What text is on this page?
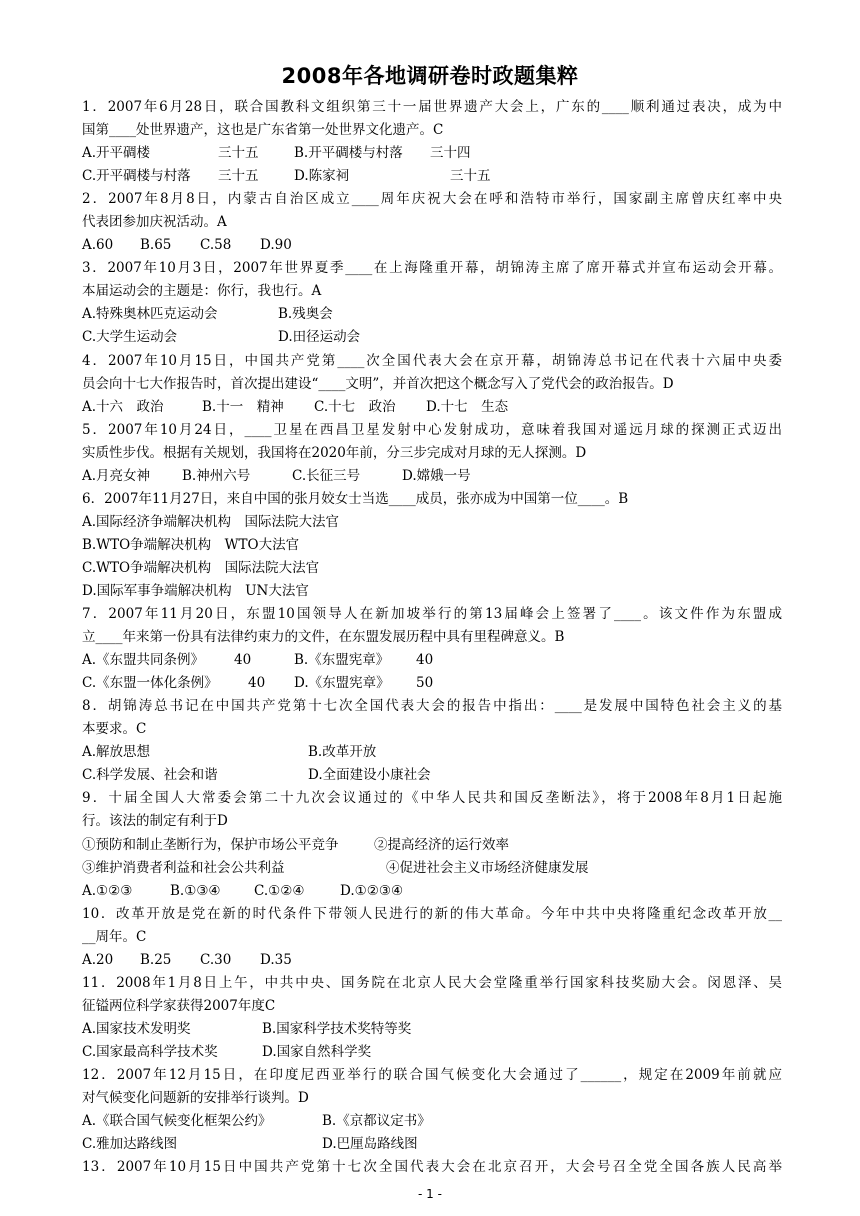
2008年各地调研卷时政题集粹
1．2007年6月28日，联合国教科文组织第三十一届世界遗产大会上，广东的____顺利通过表决，成为中
国第____处世界遗产，这也是广东省第一处世界文化遗产。C
A.开平碉楼	三十五	B.开平碉楼与村落 三十四
C.开平碉楼与村落 三十五	D.陈家祠	三十五
2．2007年8月8日，内蒙古自治区成立____周年庆祝大会在呼和浩特市举行，国家副主席曾庆红率中央
代表团参加庆祝活动。A
A.60 B.65 C.58 D.90
3．2007年10月3日，2007年世界夏季____在上海隆重开幕，胡锦涛主席了席开幕式并宣布运动会开幕。
本届运动会的主题是：你行，我也行。A
A.特殊奥林匹克运动会	B.残奥会
C.大学生运动会	D.田径运动会
4．2007年10月15日，中国共产党第____次全国代表大会在京开幕，胡锦涛总书记在代表十六届中央委
员会向十七大作报告时，首次提出建设“____文明”，并首次把这个概念写入了党代会的政治报告。D
A.十六　政治	B.十一　精神 C.十七　政治 D.十七　生态
5．2007年10月24日，____卫星在西昌卫星发射中心发射成功，意味着我国对遥远月球的探测正式迈出
实质性步伐。根据有关规划，我国将在2020年前，分三步完成对月球的无人探测。D
A.月亮女神 B.神州六号	C.长征三号	D.嫦娥一号
6．2007年11月27日，来自中国的张月姣女士当选____成员，张亦成为中国第一位____。B
A.国际经济争端解决机构　国际法院大法官
B.WTO争端解决机构　WTO大法官
C.WTO争端解决机构　国际法院大法官
D.国际军事争端解决机构　UN大法官
7．2007年11月20日，东盟10国领导人在新加坡举行的第13届峰会上签署了____。该文件作为东盟成
立____年来第一份具有法律约束力的文件，在东盟发展历程中具有里程碑意义。B
A.《东盟共同条例》 40	B.《东盟宪章》 40
C.《东盟一体化条例》 40 D.《东盟宪章》 50
8．胡锦涛总书记在中国共产党第十七次全国代表大会的报告中指出：____是发展中国特色社会主义的基
本要求。C
A.解放思想	B.改革开放
C.科学发展、社会和谐	D.全面建设小康社会
9．十届全国人大常委会第二十九次会议通过的《中华人民共和国反垄断法》，将于2008年8月1日起施
行。该法的制定有利于D
①预防和制止垄断行为，保护市场公平竞争	②提高经济的运行效率
③维护消费者利益和社会公共利益	④促进社会主义市场经济健康发展
A.①②③	B.①③④ C.①②④	D.①②③④
10．改革开放是党在新的时代条件下带领人民进行的新的伟大革命。今年中共中央将隆重纪念改革开放__
__周年。C
A.20 B.25 C.30 D.35
11．2008年1月8日上午，中共中央、国务院在北京人民大会堂隆重举行国家科技奖励大会。闵恩泽、吴
征镒两位科学家获得2007年度C
A.国家技术发明奖	B.国家科学技术奖特等奖
C.国家最高科学技术奖	D.国家自然科学奖
12．2007年12月15日，在印度尼西亚举行的联合国气候变化大会通过了______，规定在2009年前就应
对气候变化问题新的安排举行谈判。D
A.《联合国气候变化框架公约》	B.《京都议定书》
C.雅加达路线图	D.巴厘岛路线图
13．2007年10月15日中国共产党第十七次全国代表大会在北京召开，大会号召全党全国各族人民高举
- 1 -
